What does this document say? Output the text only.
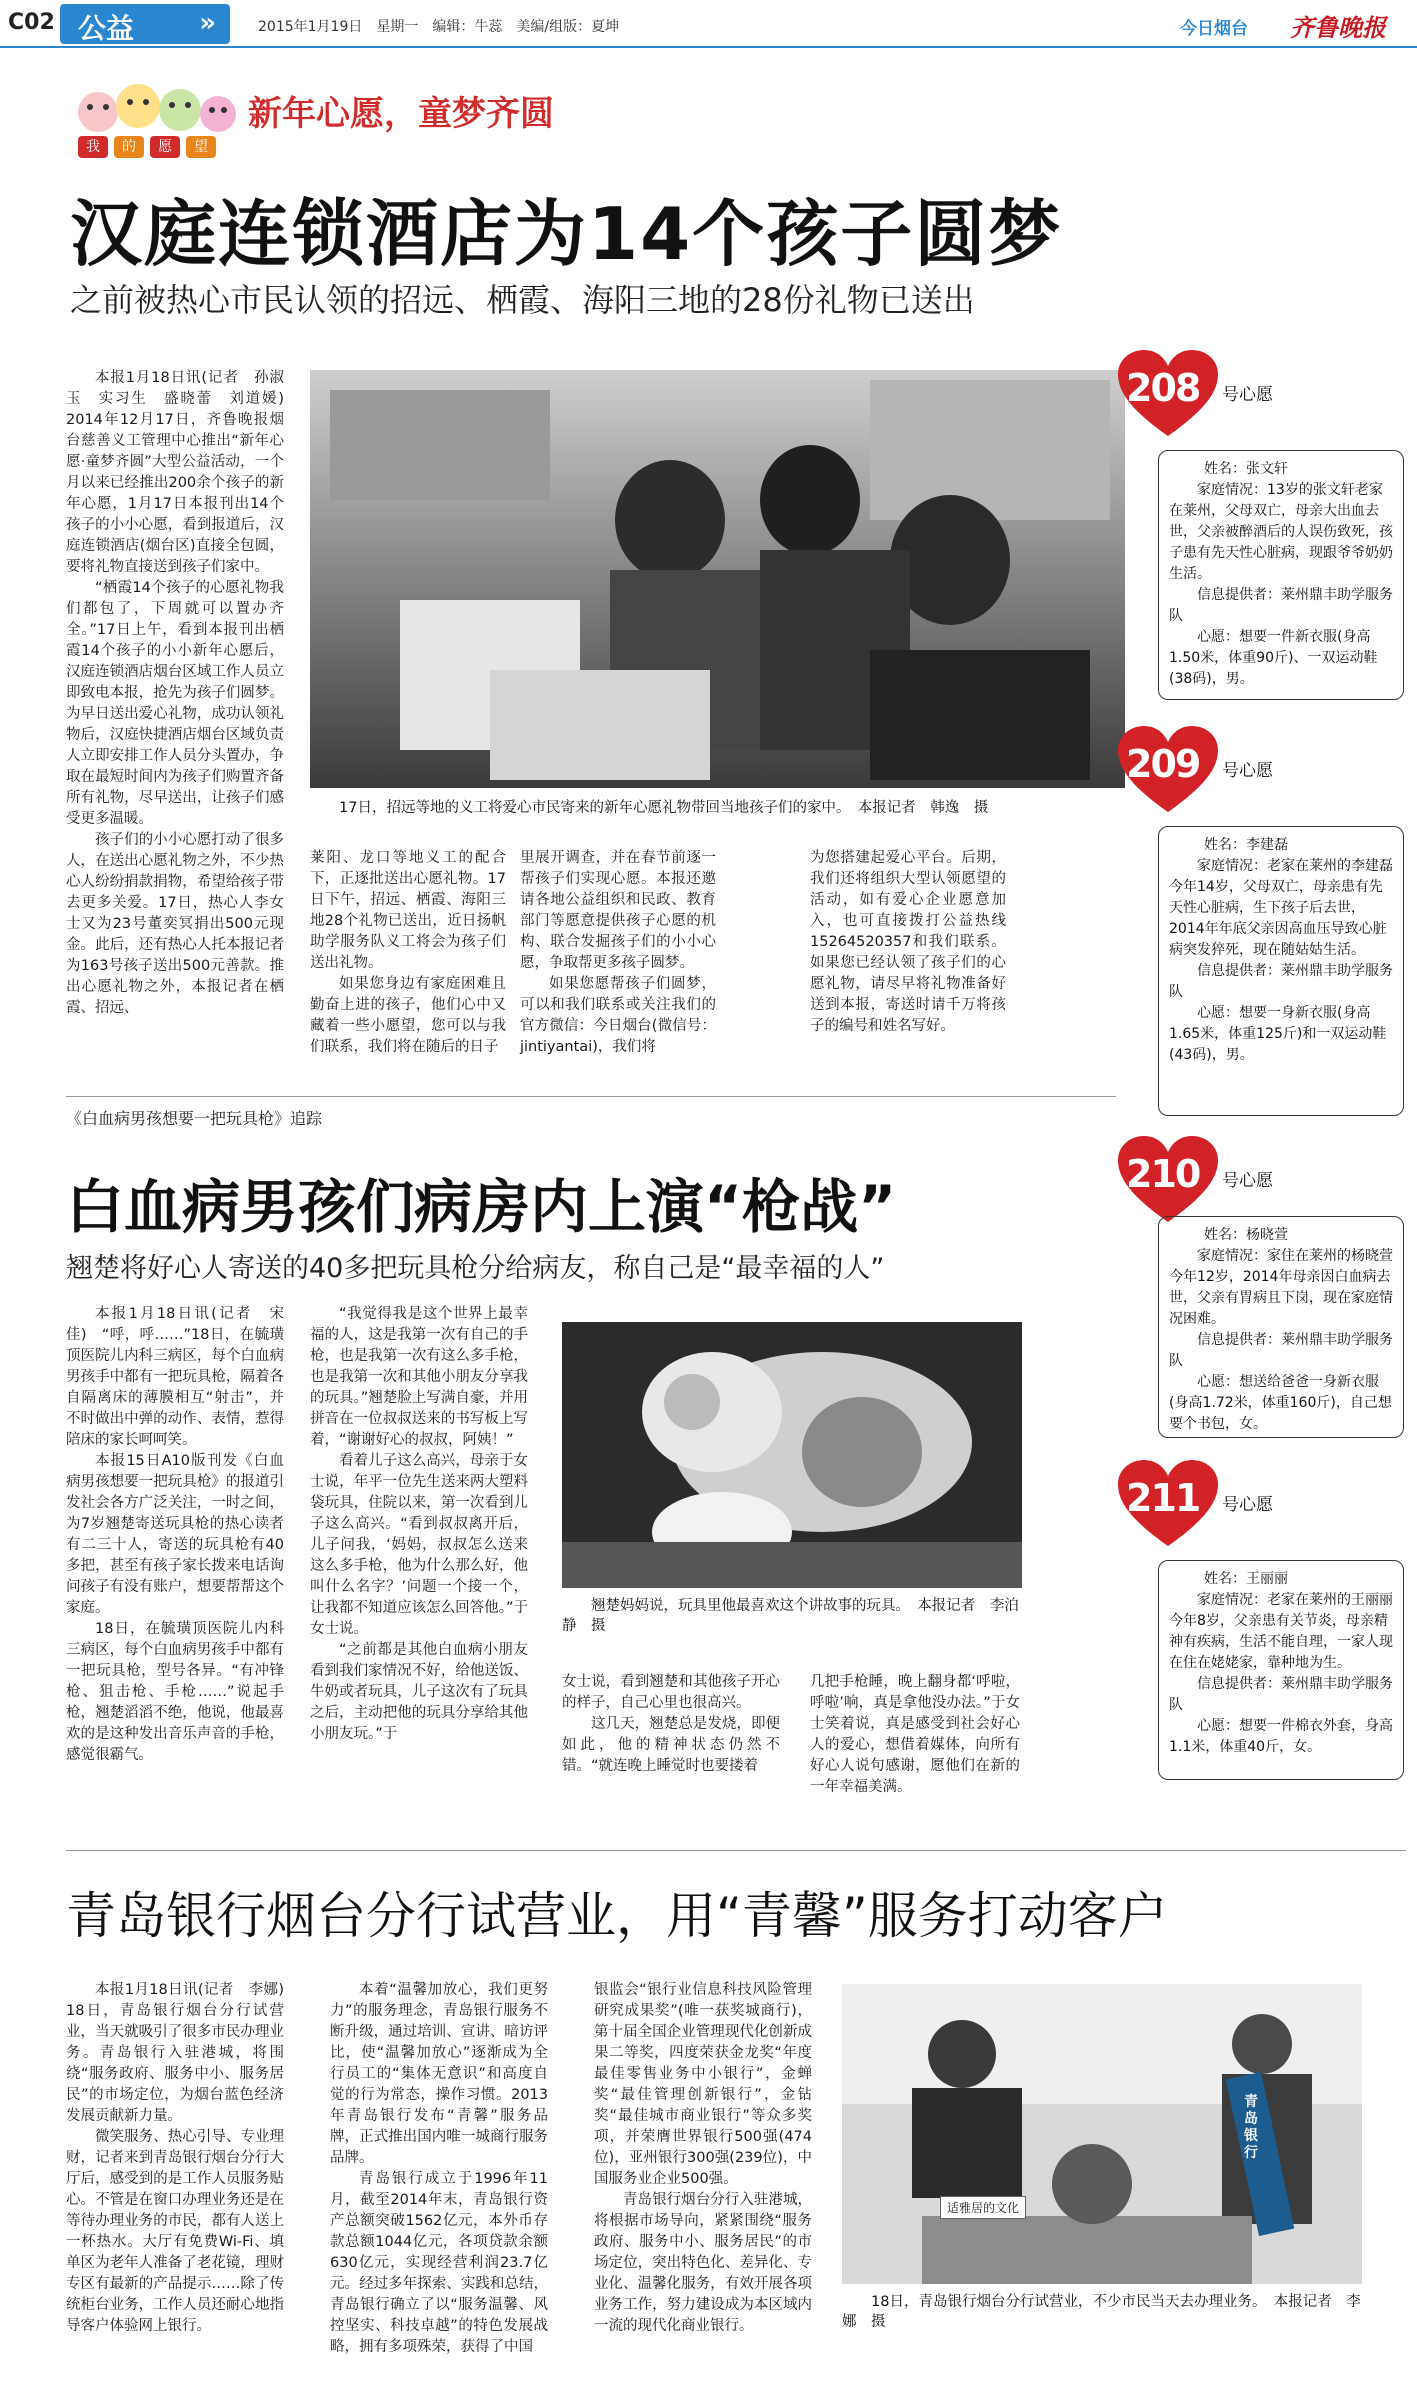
C02 公益	»	2015年1月19日　星期一　编辑：牛蕊　美编/组版：夏坤	今日烟台 齐鲁晚报
我	的	愿	望
新年心愿，童梦齐圆
汉庭连锁酒店为14个孩子圆梦
之前被热心市民认领的招远、栖霞、海阳三地的28份礼物已送出

本报1月18日讯(记者　孙淑玉　实习生　盛晓蕾　刘道媛)　2014年12月17日，齐鲁晚报烟台慈善义工管理中心推出“新年心愿·童梦齐圆”大型公益活动，一个月以来已经推出200余个孩子的新年心愿，1月17日本报刊出14个孩子的小小心愿，看到报道后，汉庭连锁酒店(烟台区)直接全包圆，要将礼物直接送到孩子们家中。

“栖霞14个孩子的心愿礼物我们都包了，下周就可以置办齐全。”17日上午，看到本报刊出栖霞14个孩子的小小新年心愿后，汉庭连锁酒店烟台区域工作人员立即致电本报，抢先为孩子们圆梦。为早日送出爱心礼物，成功认领礼物后，汉庭快捷酒店烟台区域负责人立即安排工作人员分头置办，争取在最短时间内为孩子们购置齐备所有礼物，尽早送出，让孩子们感受更多温暖。

孩子们的小小心愿打动了很多人，在送出心愿礼物之外，不少热心人纷纷捐款捐物，希望给孩子带去更多关爱。17日，热心人李女士又为23号董奕冥捐出500元现金。此后，还有热心人托本报记者为163号孩子送出500元善款。推出心愿礼物之外，本报记者在栖霞、招远、

17日，招远等地的义工将爱心市民寄来的新年心愿礼物带回当地孩子们的家中。　本报记者　韩逸　摄

莱阳、龙口等地义工的配合下，正逐批送出心愿礼物。17日下午，招远、栖霞、海阳三地28个礼物已送出，近日扬帆助学服务队义工将会为孩子们送出礼物。

如果您身边有家庭困难且勤奋上进的孩子，他们心中又藏着一些小愿望，您可以与我们联系，我们将在随后的日子

里展开调查，并在春节前逐一帮孩子们实现心愿。本报还邀请各地公益组织和民政、教育部门等愿意提供孩子心愿的机构、联合发掘孩子们的小小心愿，争取帮更多孩子圆梦。

如果您愿帮孩子们圆梦，可以和我们联系或关注我们的官方微信：今日烟台(微信号：jintiyantai)，我们将

为您搭建起爱心平台。后期，我们还将组织大型认领愿望的活动，如有爱心企业愿意加入，也可直接拨打公益热线15264520357和我们联系。如果您已经认领了孩子们的心愿礼物，请尽早将礼物准备好送到本报，寄送时请千万将孩子的编号和姓名写好。

208 号心愿

姓名：张文轩

家庭情况：13岁的张文轩老家在莱州，父母双亡，母亲大出血去世，父亲被醉酒后的人误伤致死，孩子患有先天性心脏病，现跟爷爷奶奶生活。

信息提供者：莱州鼎丰助学服务队

心愿：想要一件新衣服(身高1.50米，体重90斤)、一双运动鞋(38码)，男。

209 号心愿

姓名：李建磊

家庭情况：老家在莱州的李建磊今年14岁，父母双亡，母亲患有先天性心脏病，生下孩子后去世，2014年年底父亲因高血压导致心脏病突发猝死，现在随姑姑生活。

信息提供者：莱州鼎丰助学服务队

心愿：想要一身新衣服(身高1.65米，体重125斤)和一双运动鞋(43码)，男。

210 号心愿

姓名：杨晓萱

家庭情况：家住在莱州的杨晓萱今年12岁，2014年母亲因白血病去世，父亲有胃病且下岗，现在家庭情况困难。

信息提供者：莱州鼎丰助学服务队

心愿：想送给爸爸一身新衣服(身高1.72米，体重160斤)，自己想要个书包，女。

211 号心愿

姓名：王丽丽

家庭情况：老家在莱州的王丽丽今年8岁，父亲患有关节炎，母亲精神有疾病，生活不能自理，一家人现在住在姥姥家，靠种地为生。

信息提供者：莱州鼎丰助学服务队

心愿：想要一件棉衣外套，身高1.1米，体重40斤，女。

《白血病男孩想要一把玩具枪》追踪
白血病男孩们病房内上演“枪战”
翘楚将好心人寄送的40多把玩具枪分给病友，称自己是“最幸福的人”

本报1月18日讯(记者　宋佳)　“呼，呼……”18日，在毓璜顶医院儿内科三病区，每个白血病男孩手中都有一把玩具枪，隔着各自隔离床的薄膜相互“射击”，并不时做出中弹的动作、表情，惹得陪床的家长呵呵笑。

本报15日A10版刊发《白血病男孩想要一把玩具枪》的报道引发社会各方广泛关注，一时之间，为7岁翘楚寄送玩具枪的热心读者有二三十人，寄送的玩具枪有40多把，甚至有孩子家长拨来电话询问孩子有没有账户，想要帮帮这个家庭。

18日，在毓璜顶医院儿内科三病区，每个白血病男孩手中都有一把玩具枪，型号各异。“有冲锋枪、狙击枪、手枪……”说起手枪，翘楚滔滔不绝，他说，他最喜欢的是这种发出音乐声音的手枪，感觉很霸气。

“我觉得我是这个世界上最幸福的人，这是我第一次有自己的手枪，也是我第一次有这么多手枪，也是我第一次和其他小朋友分享我的玩具。”翘楚脸上写满自豪，并用拼音在一位叔叔送来的书写板上写着，“谢谢好心的叔叔，阿姨！”

看着儿子这么高兴，母亲于女士说，年平一位先生送来两大塑料袋玩具，住院以来，第一次看到儿子这么高兴。“看到叔叔离开后，儿子问我，‘妈妈，叔叔怎么送来这么多手枪，他为什么那么好，他叫什么名字？’问题一个接一个，让我都不知道应该怎么回答他。”于女士说。

“之前都是其他白血病小朋友看到我们家情况不好，给他送饭、牛奶或者玩具，儿子这次有了玩具之后，主动把他的玩具分享给其他小朋友玩。”于

翘楚妈妈说，玩具里他最喜欢这个讲故事的玩具。　本报记者　李泊静　摄

女士说，看到翘楚和其他孩子开心的样子，自己心里也很高兴。

这几天，翘楚总是发烧，即便如此，他的精神状态仍然不错。“就连晚上睡觉时也要搂着

几把手枪睡，晚上翻身都‘呼啦，呼啦’响，真是拿他没办法。”于女士笑着说，真是感受到社会好心人的爱心，想借着媒体，向所有好心人说句感谢，愿他们在新的一年幸福美满。

青岛银行烟台分行试营业，用“青馨”服务打动客户

本报1月18日讯(记者　李娜)　18日，青岛银行烟台分行试营业，当天就吸引了很多市民办理业务。青岛银行入驻港城，将围绕“服务政府、服务中小、服务居民”的市场定位，为烟台蓝色经济发展贡献新力量。

微笑服务、热心引导、专业理财，记者来到青岛银行烟台分行大厅后，感受到的是工作人员服务贴心。不管是在窗口办理业务还是在等待办理业务的市民，都有人送上一杯热水。大厅有免费Wi-Fi、填单区为老年人准备了老花镜，理财专区有最新的产品提示……除了传统柜台业务，工作人员还耐心地指导客户体验网上银行。

本着“温馨加放心，我们更努力”的服务理念，青岛银行服务不断升级，通过培训、宣讲、暗访评比，使“温馨加放心”逐渐成为全行员工的“集体无意识”和高度自觉的行为常态，操作习惯。2013年青岛银行发布“青馨”服务品牌，正式推出国内唯一城商行服务品牌。

青岛银行成立于1996年11月，截至2014年末，青岛银行资产总额突破1562亿元，本外币存款总额1044亿元，各项贷款余额630亿元，实现经营利润23.7亿元。经过多年探索、实践和总结，青岛银行确立了以“服务温馨、风控坚实、科技卓越”的特色发展战略，拥有多项殊荣，获得了中国

银监会“银行业信息科技风险管理研究成果奖”(唯一获奖城商行)，第十届全国企业管理现代化创新成果二等奖，四度荣获金龙奖“年度最佳零售业务中小银行”，金蝉奖“最佳管理创新银行”，金钻奖“最佳城市商业银行”等众多奖项，并荣膺世界银行500强(474位)，亚州银行300强(239位)，中国服务业企业500强。

青岛银行烟台分行入驻港城，将根据市场导向，紧紧围绕“服务政府、服务中小、服务居民”的市场定位，突出特色化、差异化、专业化、温馨化服务，有效开展各项业务工作，努力建设成为本区域内一流的现代化商业银行。

适雅居的文化
青岛银行
18日，青岛银行烟台分行试营业，不少市民当天去办理业务。　本报记者　李娜　摄
